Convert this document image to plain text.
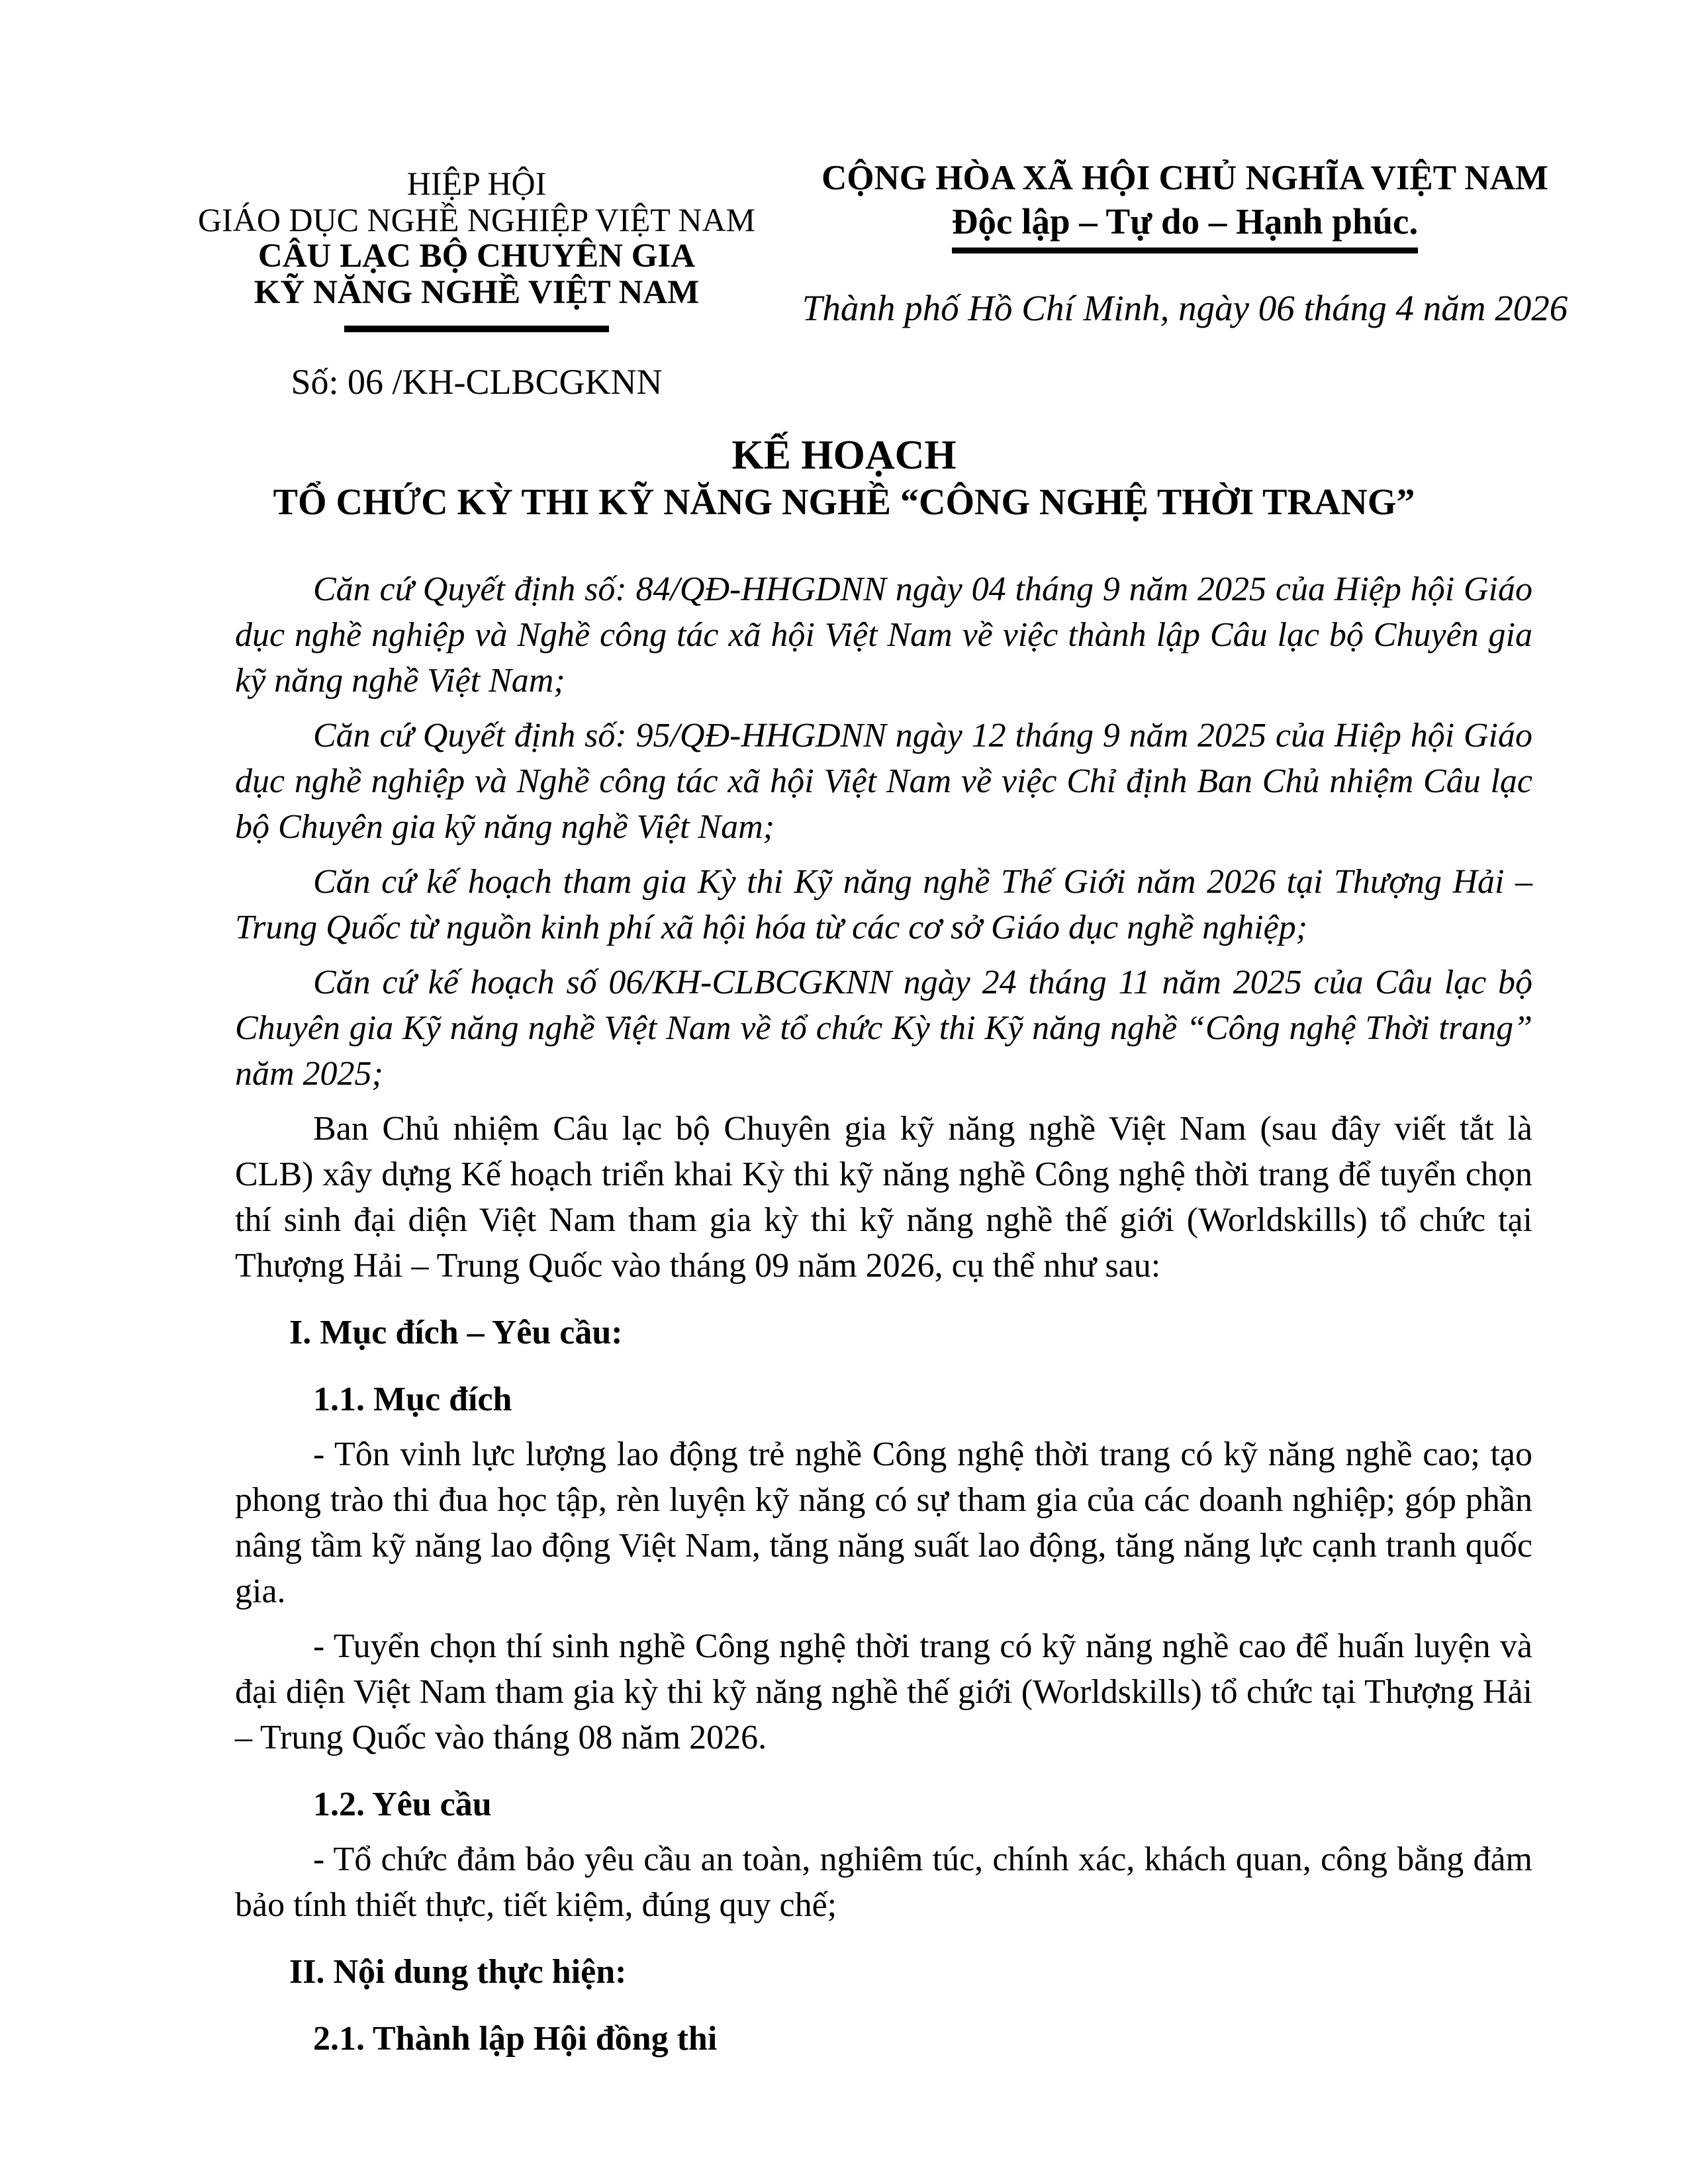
HIỆP HỘI
GIÁO DỤC NGHỀ NGHIỆP VIỆT NAM
CÂU LẠC BỘ CHUYÊN GIA
KỸ NĂNG NGHỀ VIỆT NAM
Số: 06 /KH-CLBCGKNN
CỘNG HÒA XÃ HỘI CHỦ NGHĨA VIỆT NAM
Độc lập – Tự do – Hạnh phúc.
Thành phố Hồ Chí Minh, ngày 06 tháng 4 năm 2026

KẾ HOẠCH

TỔ CHỨC KỲ THI KỸ NĂNG NGHỀ “CÔNG NGHỆ THỜI TRANG”

Căn cứ Quyết định số: 84/QĐ-HHGDNN ngày 04 tháng 9 năm 2025 của Hiệp hội Giáo dục nghề nghiệp và Nghề công tác xã hội Việt Nam về việc thành lập Câu lạc bộ Chuyên gia kỹ năng nghề Việt Nam;

Căn cứ Quyết định số: 95/QĐ-HHGDNN ngày 12 tháng 9 năm 2025 của Hiệp hội Giáo dục nghề nghiệp và Nghề công tác xã hội Việt Nam về việc Chỉ định Ban Chủ nhiệm Câu lạc bộ Chuyên gia kỹ năng nghề Việt Nam;

Căn cứ kế hoạch tham gia Kỳ thi Kỹ năng nghề Thế Giới năm 2026 tại Thượng Hải – Trung Quốc từ nguồn kinh phí xã hội hóa từ các cơ sở Giáo dục nghề nghiệp;

Căn cứ kế hoạch số 06/KH-CLBCGKNN ngày 24 tháng 11 năm 2025 của Câu lạc bộ Chuyên gia Kỹ năng nghề Việt Nam về tổ chức Kỳ thi Kỹ năng nghề “Công nghệ Thời trang” năm 2025;

Ban Chủ nhiệm Câu lạc bộ Chuyên gia kỹ năng nghề Việt Nam (sau đây viết tắt là CLB) xây dựng Kế hoạch triển khai Kỳ thi kỹ năng nghề Công nghệ thời trang để tuyển chọn thí sinh đại diện Việt Nam tham gia kỳ thi kỹ năng nghề thế giới (Worldskills) tổ chức tại Thượng Hải – Trung Quốc vào tháng 09 năm 2026, cụ thể như sau:

I. Mục đích – Yêu cầu:

1.1. Mục đích

- Tôn vinh lực lượng lao động trẻ nghề Công nghệ thời trang có kỹ năng nghề cao; tạo phong trào thi đua học tập, rèn luyện kỹ năng có sự tham gia của các doanh nghiệp; góp phần nâng tầm kỹ năng lao động Việt Nam, tăng năng suất lao động, tăng năng lực cạnh tranh quốc gia.

- Tuyển chọn thí sinh nghề Công nghệ thời trang có kỹ năng nghề cao để huấn luyện và đại diện Việt Nam tham gia kỳ thi kỹ năng nghề thế giới (Worldskills) tổ chức tại Thượng Hải – Trung Quốc vào tháng 08 năm 2026.

1.2. Yêu cầu

- Tổ chức đảm bảo yêu cầu an toàn, nghiêm túc, chính xác, khách quan, công bằng đảm bảo tính thiết thực, tiết kiệm, đúng quy chế;

II. Nội dung thực hiện:

2.1. Thành lập Hội đồng thi
